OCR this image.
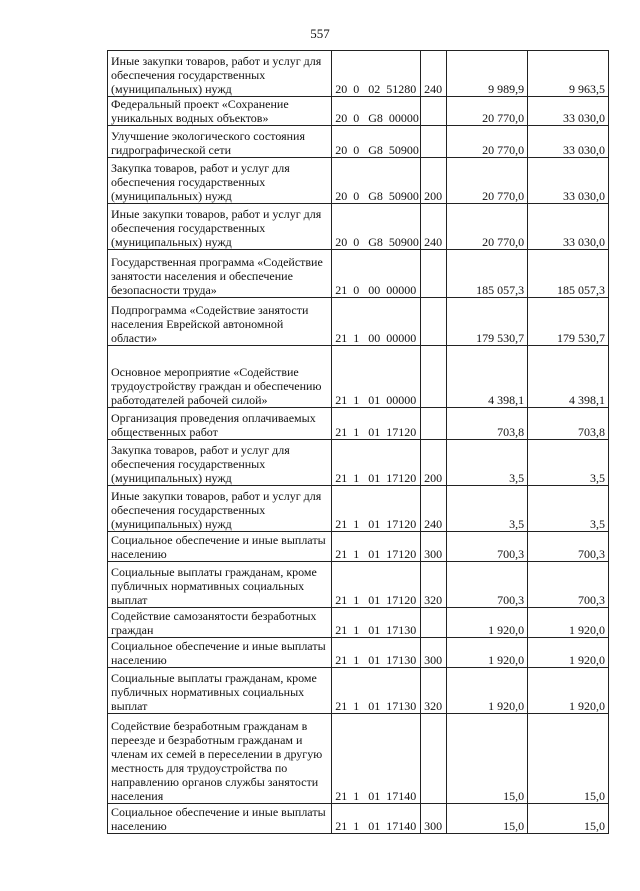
557
Иные закупки товаров, работ и услуг для обеспечения государственных (муниципальных) нужд	20  0   02  51280	240	9 989,9	9 963,5
Федеральный проект «Сохранение уникальных водных объектов»	20  0   G8  00000		20 770,0	33 030,0
Улучшение экологического состояния гидрографической сети	20  0   G8  50900		20 770,0	33 030,0
Закупка товаров, работ и услуг для обеспечения государственных (муниципальных) нужд	20  0   G8  50900	200	20 770,0	33 030,0
Иные закупки товаров, работ и услуг для обеспечения государственных (муниципальных) нужд	20  0   G8  50900	240	20 770,0	33 030,0
Государственная программа «Содействие занятости населения и обеспечение безопасности труда»	21  0   00  00000		185 057,3	185 057,3
Подпрограмма «Содействие занятости населения Еврейской автономной области»	21  1   00  00000		179 530,7	179 530,7
Основное мероприятие «Содействие трудоустройству граждан и обеспечению работодателей рабочей силой»	21  1   01  00000		4 398,1	4 398,1
Организация проведения оплачиваемых общественных работ	21  1   01  17120		703,8	703,8
Закупка товаров, работ и услуг для обеспечения государственных (муниципальных) нужд	21  1   01  17120	200	3,5	3,5
Иные закупки товаров, работ и услуг для обеспечения государственных (муниципальных) нужд	21  1   01  17120	240	3,5	3,5
Социальное обеспечение и иные выплаты населению	21  1   01  17120	300	700,3	700,3
Социальные выплаты гражданам, кроме публичных нормативных социальных выплат	21  1   01  17120	320	700,3	700,3
Содействие самозанятости безработных граждан	21  1   01  17130		1 920,0	1 920,0
Социальное обеспечение и иные выплаты населению	21  1   01  17130	300	1 920,0	1 920,0
Социальные выплаты гражданам, кроме публичных нормативных социальных выплат	21  1   01  17130	320	1 920,0	1 920,0
Содействие безработным гражданам в переезде и безработным гражданам и членам их семей в переселении в другую местность для трудоустройства по направлению органов службы занятости населения	21  1   01  17140		15,0	15,0
Социальное обеспечение и иные выплаты населению	21  1   01  17140	300	15,0	15,0
